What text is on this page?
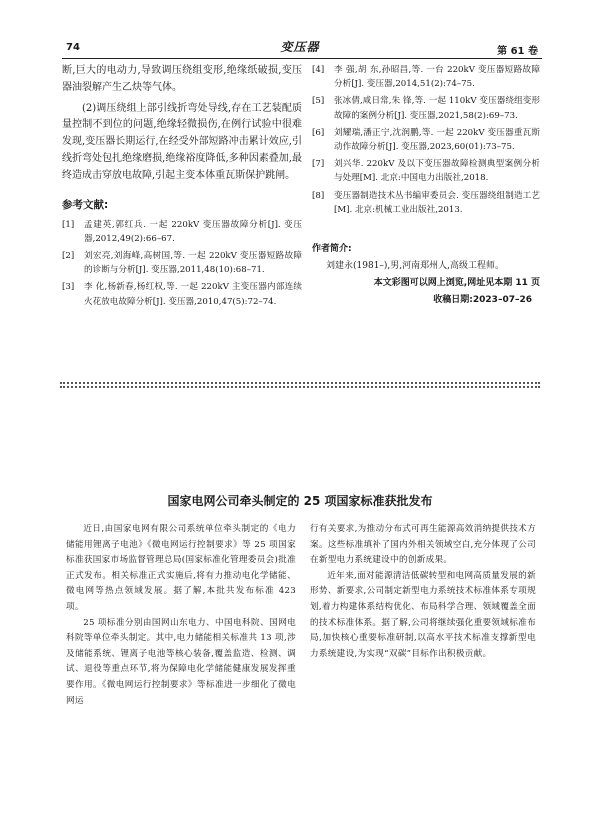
74	变压器	第 61 卷

断,巨大的电动力,导致调压绕组变形,绝缘纸破损,变压器油裂解产生乙炔等气体。

(2)调压绕组上部引线折弯处导线,存在工艺装配质量控制不到位的问题,绝缘轻微损伤,在例行试验中很难发现,变压器长期运行,在经受外部短路冲击累计效应,引线折弯处包扎绝缘磨损,绝缘裕度降低,多种因素叠加,最终造成击穿放电故障,引起主变本体重瓦斯保护跳闸。

参考文献:
[1]	孟建英,郭红兵. 一起 220kV 变压器故障分析[J]. 变压器,2012,49(2):66–67.
[2]	刘宏亮,刘海峰,高树国,等. 一起 220kV 变压器短路故障的诊断与分析[J]. 变压器,2011,48(10):68–71.
[3]	李 化,杨新春,杨红权,等. 一起 220kV 主变压器内部连续火花放电故障分析[J]. 变压器,2010,47(5):72–74.
[4]	李 强,胡 东,孙昭昌,等. 一台 220kV 变压器短路故障分析[J]. 变压器,2014,51(2):74–75.
[5]	张冰倩,咸日常,朱 锋,等. 一起 110kV 变压器绕组变形故障的案例分析[J]. 变压器,2021,58(2):69–73.
[6]	刘耀瑞,潘正宁,沈润鹏,等. 一起 220kV 变压器重瓦斯动作故障分析[J]. 变压器,2023,60(01):73–75.
[7]	刘兴华. 220kV 及以下变压器故障检测典型案例分析与处理[M]. 北京:中国电力出版社,2018.
[8]	变压器制造技术丛书编审委员会. 变压器绕组制造工艺[M]. 北京:机械工业出版社,2013.
作者简介:
刘建永(1981–),男,河南郑州人,高级工程师。
本文彩图可以网上浏览,网址见本期 11 页
收稿日期:2023–07–26
国家电网公司牵头制定的 25 项国家标准获批发布

近日,由国家电网有限公司系统单位牵头制定的《电力储能用锂离子电池》《微电网运行控制要求》等 25 项国家标准获国家市场监督管理总局(国家标准化管理委员会)批准正式发布。相关标准正式实施后,将有力推动电化学储能、微电网等热点领域发展。据了解,本批共发布标准 423 项。

25 项标准分别由国网山东电力、中国电科院、国网电科院等单位牵头制定。其中,电力储能相关标准共 13 项,涉及储能系统、锂离子电池等核心装备,覆盖监造、检测、调试、退役等重点环节,将为保障电化学储能健康发展发挥重要作用。《微电网运行控制要求》等标准进一步细化了微电网运

行有关要求,为推动分布式可再生能源高效消纳提供技术方案。这些标准填补了国内外相关领域空白,充分体现了公司在新型电力系统建设中的创新成果。

近年来,面对能源清洁低碳转型和电网高质量发展的新形势、新要求,公司制定新型电力系统技术标准体系专项规划,着力构建体系结构优化、布局科学合理、领域覆盖全面的技术标准体系。据了解,公司将继续强化重要领域标准布局,加快核心重要标准研制,以高水平技术标准支撑新型电力系统建设,为实现“双碳”目标作出积极贡献。
